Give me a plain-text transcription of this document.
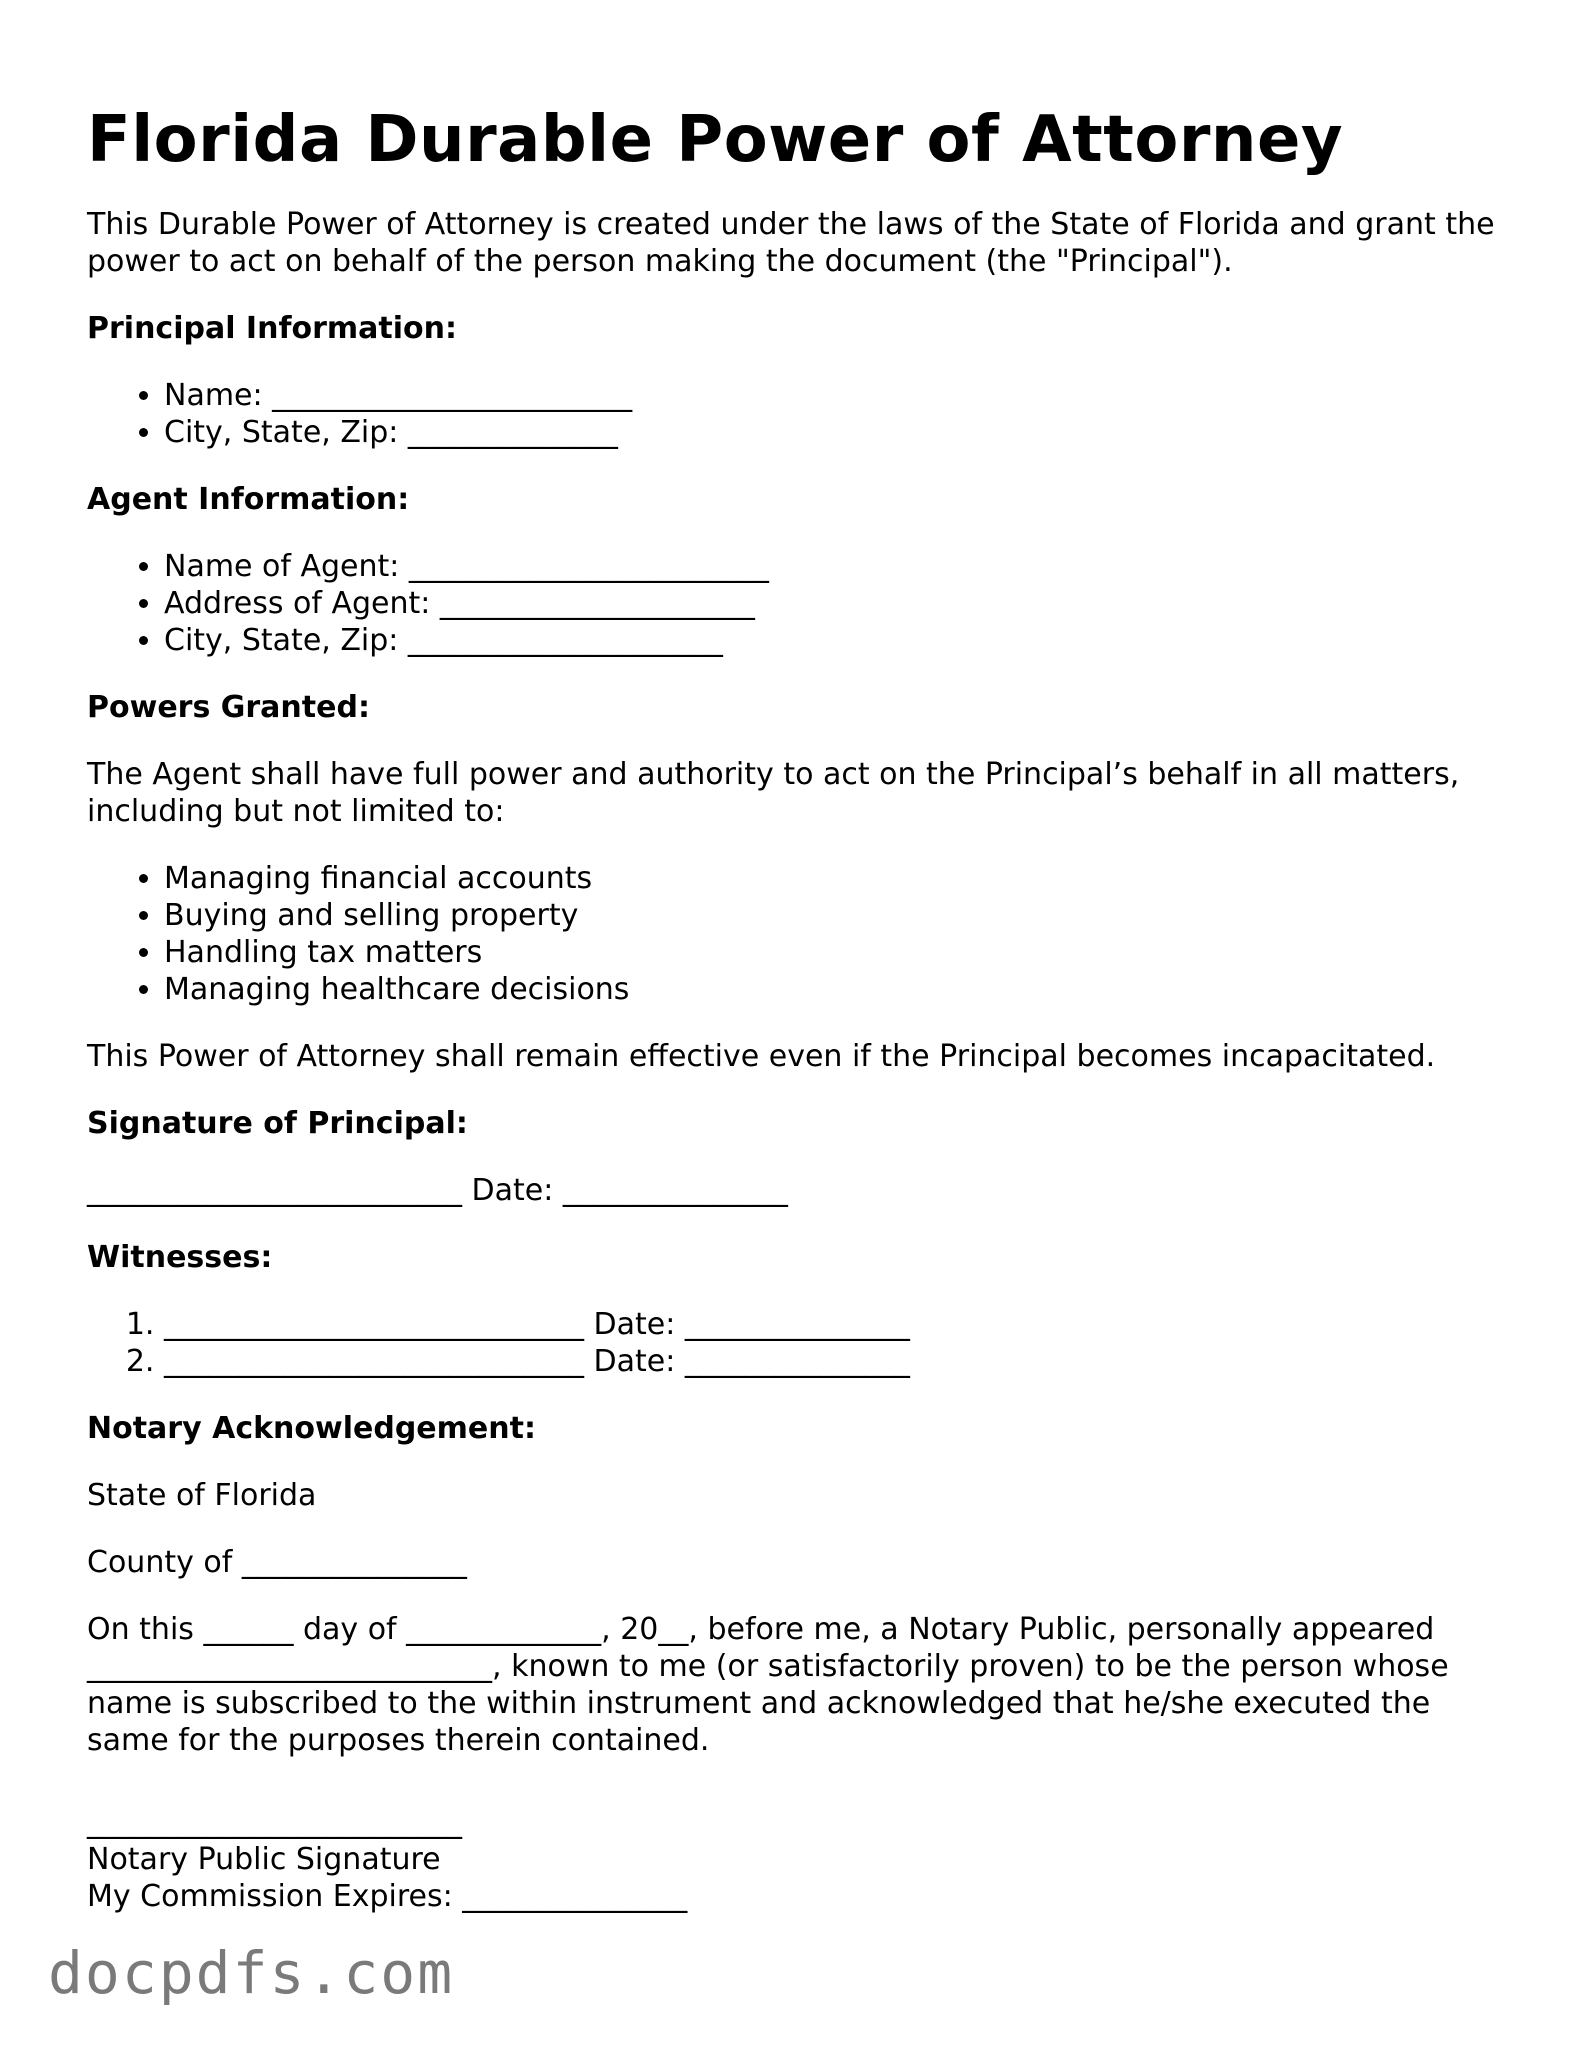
Florida Durable Power of Attorney

This Durable Power of Attorney is created under the laws of the State of Florida and grant the power to act on behalf of the person making the document (the "Principal").

Principal Information:
• Name: ________________________
• City, State, Zip: ______________
Agent Information:
• Name of Agent: ________________________
• Address of Agent: _____________________
• City, State, Zip: _____________________
Powers Granted:

The Agent shall have full power and authority to act on the Principal’s behalf in all matters, including but not limited to:

• Managing financial accounts
• Buying and selling property
• Handling tax matters
• Managing healthcare decisions

This Power of Attorney shall remain effective even if the Principal becomes incapacitated.

Signature of Principal:

_________________________ Date: _______________

Witnesses:
1. ____________________________ Date: _______________
2. ____________________________ Date: _______________
Notary Acknowledgement:

State of Florida

County of _______________

On this ______ day of _____________, 20__, before me, a Notary Public, personally appeared ___________________________, known to me (or satisfactorily proven) to be the person whose name is subscribed to the within instrument and acknowledged that he/she executed the same for the purposes therein contained.

_________________________
Notary Public Signature
My Commission Expires: _______________
docpdfs.com
